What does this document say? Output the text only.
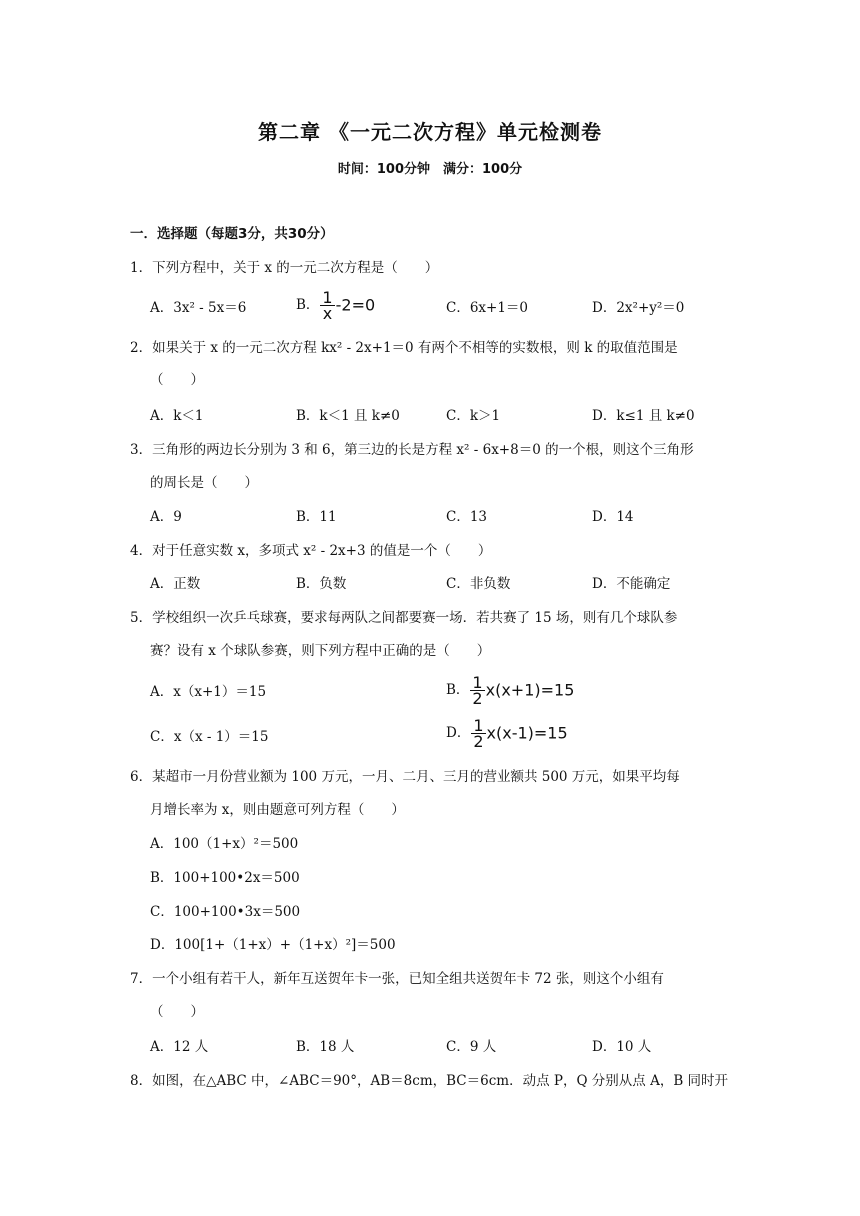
第二章 《一元二次方程》单元检测卷
时间：100分钟　满分：100分
一．选择题（每题3分，共30分）
1．下列方程中，关于 x 的一元二次方程是（　　）
A．3x² - 5x＝6	B． $\frac{1}{x} -2=0$	C．6x+1＝0	D．2x²+y²＝0
2．如果关于 x 的一元二次方程 kx² - 2x+1＝0 有两个不相等的实数根，则 k 的取值范围是
（　　）
A．k＜1	B．k＜1 且 k≠0	C．k＞1	D．k≤1 且 k≠0
3．三角形的两边长分别为 3 和 6，第三边的长是方程 x² - 6x+8＝0 的一个根，则这个三角形
的周长是（　　）
A．9	B．11	C．13	D．14
4．对于任意实数 x，多项式 x² - 2x+3 的值是一个（　　）
A．正数	B．负数	C．非负数	D．不能确定
5．学校组织一次乒乓球赛，要求每两队之间都要赛一场．若共赛了 15 场，则有几个球队参
赛？设有 x 个球队参赛，则下列方程中正确的是（　　）
A．x（x+1）＝15	B． $\frac{1}{2} x(x+1)=15$
C．x（x - 1）＝15	D． $\frac{1}{2} x(x-1)=15$
6．某超市一月份营业额为 100 万元，一月、二月、三月的营业额共 500 万元，如果平均每
月增长率为 x，则由题意可列方程（　　）
A．100（1+x）²＝500
B．100+100•2x＝500
C．100+100•3x＝500
D．100[1+（1+x）+（1+x）²]＝500
7．一个小组有若干人，新年互送贺年卡一张，已知全组共送贺年卡 72 张，则这个小组有
（　　）
A．12 人	B．18 人	C．9 人	D．10 人
8．如图，在△ABC 中，∠ABC＝90°，AB＝8cm，BC＝6cm．动点 P，Q 分别从点 A，B 同时开
